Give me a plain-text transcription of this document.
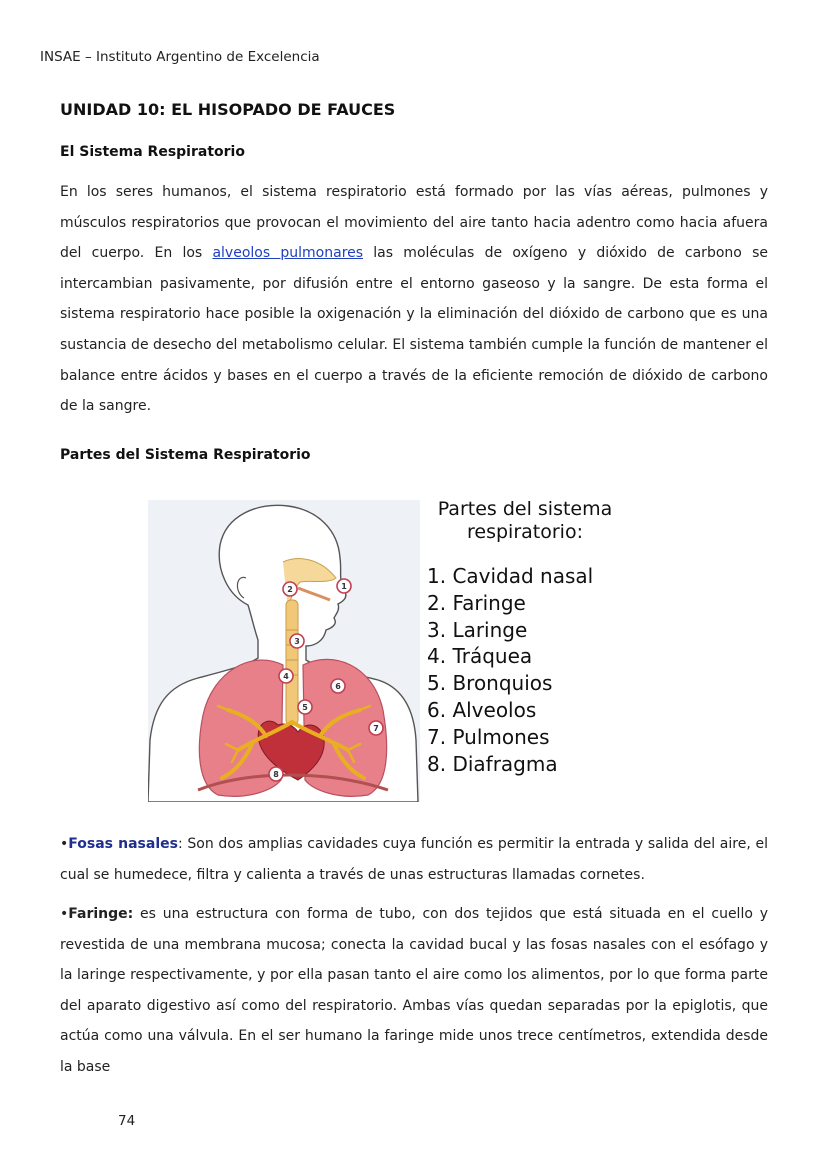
INSAE – Instituto Argentino de Excelencia
UNIDAD 10: EL HISOPADO DE FAUCES
El Sistema Respiratorio
En los seres humanos, el sistema respiratorio está formado por las vías aéreas, pulmones y músculos respiratorios que provocan el movimiento del aire tanto hacia adentro como hacia afuera del cuerpo. En los alveolos pulmonares las moléculas de oxígeno y dióxido de carbono se intercambian pasivamente, por difusión entre el entorno gaseoso y la sangre. De esta forma el sistema respiratorio hace posible la oxigenación y la eliminación del dióxido de carbono que es una sustancia de desecho del metabolismo celular. El sistema también cumple la función de mantener el balance entre ácidos y bases en el cuerpo a través de la eficiente remoción de dióxido de carbono de la sangre.
Partes del Sistema Respiratorio
1
2
3
4
5
6
7
8
Partes del sistema
respiratorio:
1. Cavidad nasal
2. Faringe
3. Laringe
4. Tráquea
5. Bronquios
6. Alveolos
7. Pulmones
8. Diafragma
•Fosas nasales: Son dos amplias cavidades cuya función es permitir la entrada y salida del aire, el cual se humedece, filtra y calienta a través de unas estructuras llamadas cornetes.
•Faringe: es una estructura con forma de tubo, con dos tejidos que está situada en el cuello y revestida de una membrana mucosa; conecta la cavidad bucal y las fosas nasales con el esófago y la laringe respectivamente, y por ella pasan tanto el aire como los alimentos, por lo que forma parte del aparato digestivo así como del respiratorio. Ambas vías quedan separadas por la epiglotis, que actúa como una válvula. En el ser humano la faringe mide unos trece centímetros, extendida desde la base
74
